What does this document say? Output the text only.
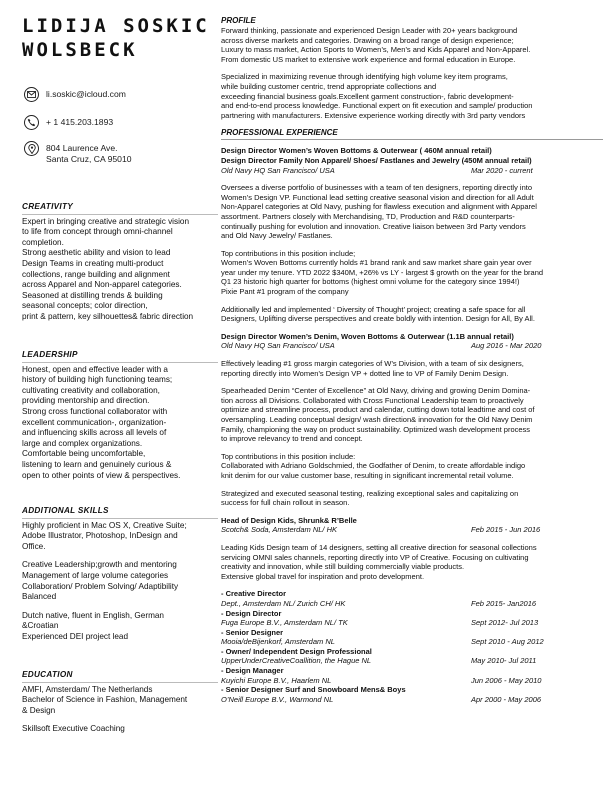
LIDIJA SOSKIC
WOLSBECK
li.soskic@icloud.com
+ 1 415.203.1893
804 Laurence Ave.
Santa Cruz, CA 95010
CREATIVITY
Expert in bringing creative and strategic vision
to life from concept through omni-channel
completion.
Strong aesthetic ability and vision to lead
Design Teams in creating multi-product
collections, range building and alignment
across Apparel and Non-apparel categories.
Seasoned at distilling trends & building
seasonal concepts; color direction,
print & pattern, key silhouettes& fabric direction
LEADERSHIP
Honest, open and effective leader with a
history of building high functioning teams;
cultivating creativity and collaboration,
providing mentorship and direction.
Strong cross functional collaborator with
excellent communication-, organization-
and influencing skills across all levels of
large and complex organizations.
Comfortable being uncomfortable,
listening to learn and genuinely curious &
open to other points of view & perspectives.
ADDITIONAL SKILLS
Highly proficient in Mac OS X, Creative Suite;
Adobe Illustrator, Photoshop, InDesign and
Office.
Creative Leadership;growth and mentoring
Management of large volume categories
Collaboration/ Problem Solving/ Adaptibility
Balanced
Dutch native, fluent in English, German
&Croatian
Experienced DEI project lead
EDUCATION
AMFI, Amsterdam/ The Netherlands
Bachelor of Science in Fashion, Management
& Design
Skillsoft Executive Coaching
PROFILE
Forward thinking, passionate and experienced Design Leader with 20+ years background
across diverse markets and categories. Drawing on a broad range of design experience;
Luxury to mass market, Action Sports to Women’s, Men’s and Kids Apparel and Non-Apparel.
From domestic US market to extensive work experience and formal education in Europe.
Specialized in maximizing revenue through identifying high volume key item programs,
while building customer centric, trend appropriate collections and
exceeding financial business goals.Excellent garment construction-, fabric development-
and end-to-end process knowledge. Functional expert on fit execution and sample/ production
partnering with manufacturers. Extensive experience working directly with 3rd party vendors
PROFESSIONAL EXPERIENCE
Design Director Women’s Woven Bottoms & Outerwear ( 460M annual retail)
Design Director Family Non Apparel/ Shoes/ Fastlanes and Jewelry (450M annual retail)
Old Navy HQ San Francisco/ USA	Mar 2020 - current
Oversees a diverse portfolio of businesses with a team of ten designers, reporting directly into
Women’s Design VP. Functional lead setting creative seasonal vision and direction for all Adult
Non-Apparel categories at Old Navy, pushing for flawless execution and alignment with Apparel
assortment. Partners closely with Merchandising, TD, Production and R&D counterparts-
continually pushing for evolution and innovation. Creative liaison between 3rd Party vendors
and Old Navy Jewelry/ Fastlanes.
Top contributions in this position include;
Women’s Woven Bottoms currently holds #1 brand rank and saw market share gain year over
year under my tenure. YTD 2022 $340M, +26% vs LY - largest $ growth on the year for the brand
Q1 23 historic high quarter for bottoms (highest omni volume for the category since 1994!)
Pixie Pant #1 program of the company
Additionally led and implemented ‘ Diversity of Thought’ project; creating a safe space for all
Designers, Uplifting diverse perspectives and create boldly with intention. Design for All, By All.
Design Director Women’s Denim, Woven Bottoms & Outerwear (1.1B annual retail)
Old Navy HQ San Francisco/ USA	Aug 2016 - Mar 2020
Effectively leading #1 gross margin categories of W’s Division, with a team of six designers,
reporting directly into Women’s Design VP + dotted line to VP of Family Denim Design.
Spearheaded Denim “Center of Excellence” at Old Navy, driving and growing Denim Domina-
tion across all Divisions. Collaborated with Cross Functional Leadership team to proactively
optimize and streamline process, product and calendar, cutting down total leadtime and cost of
oversampling. Leading conceptual design/ wash direction& innovation for the Old Navy Denim
Family, championing the way on product sustainability. Optimized wash development process
to improve relevancy to trend and concept.
Top contributions in this position include:
Collaborated with Adriano Goldschmied, the Godfather of Denim, to create affordable indigo
knit denim for our value customer base, resulting in significant incremental retail volume.
Strategized and executed seasonal testing, realizing exceptional sales and capitalizing on
success for full chain rollout in season.
Head of Design Kids, Shrunk& R’Belle
Scotch& Soda, Amsterdam NL/ HK	Feb 2015 - Jun 2016
Leading Kids Design team of 14 designers, setting all creative direction for seasonal collections
servicing OMNI sales channels, reporting directly into VP of Creative. Focusing on cultivating
creativity and innovation, while still building commercially viable products.
Extensive global travel for inspiration and proto development.
- Creative Director
Dept., Amsterdam NL/ Zurich CH/ HK	Feb 2015- Jan2016
- Design Director
Fuga Europe B.V., Amsterdam NL/ TK	Sept 2012- Jul 2013
- Senior Designer
Mooia/deBijenkorf, Amsterdam NL	Sept 2010 - Aug 2012
- Owner/ Independent Design Professional
UpperUnderCreativeCoallition, the Hague NL	May 2010- Jul 2011
- Design Manager
Kuyichi Europe B.V., Haarlem NL	Jun 2006 - May 2010
- Senior Designer Surf and Snowboard Mens& Boys
O’Neill Europe B.V., Warmond NL	Apr 2000 - May 2006
